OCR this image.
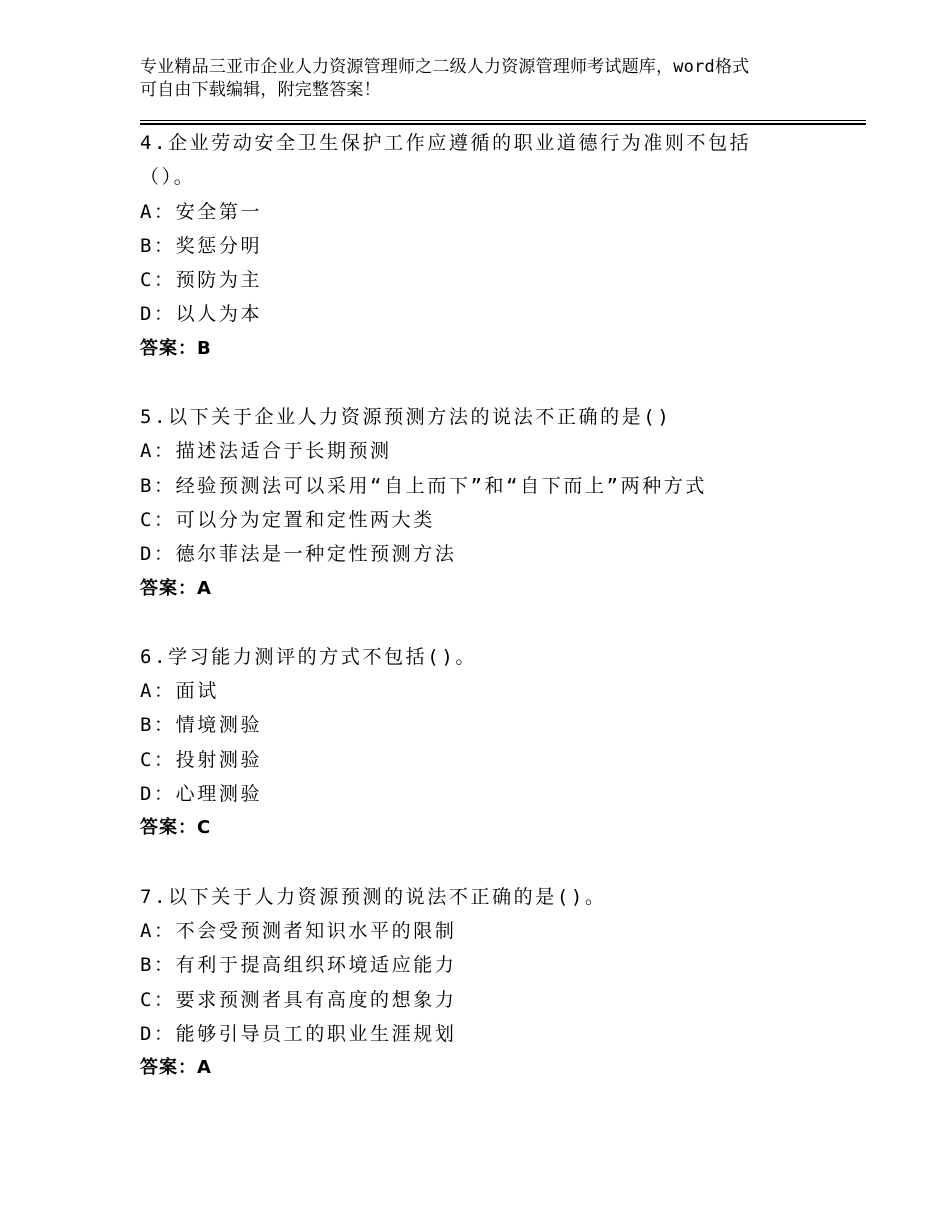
专业精品三亚市企业人力资源管理师之二级人力资源管理师考试题库，word格式
可自由下载编辑，附完整答案！
4.企业劳动安全卫生保护工作应遵循的职业道德行为准则不包括（）。
A：安全第一
B：奖惩分明
C：预防为主
D：以人为本
答案：B
5.以下关于企业人力资源预测方法的说法不正确的是()
A：描述法适合于长期预测
B：经验预测法可以采用“自上而下”和“自下而上”两种方式
C：可以分为定置和定性两大类
D：德尔菲法是一种定性预测方法
答案：A
6.学习能力测评的方式不包括()。
A：面试
B：情境测验
C：投射测验
D：心理测验
答案：C
7.以下关于人力资源预测的说法不正确的是()。
A：不会受预测者知识水平的限制
B：有利于提高组织环境适应能力
C：要求预测者具有高度的想象力
D：能够引导员工的职业生涯规划
答案：A
